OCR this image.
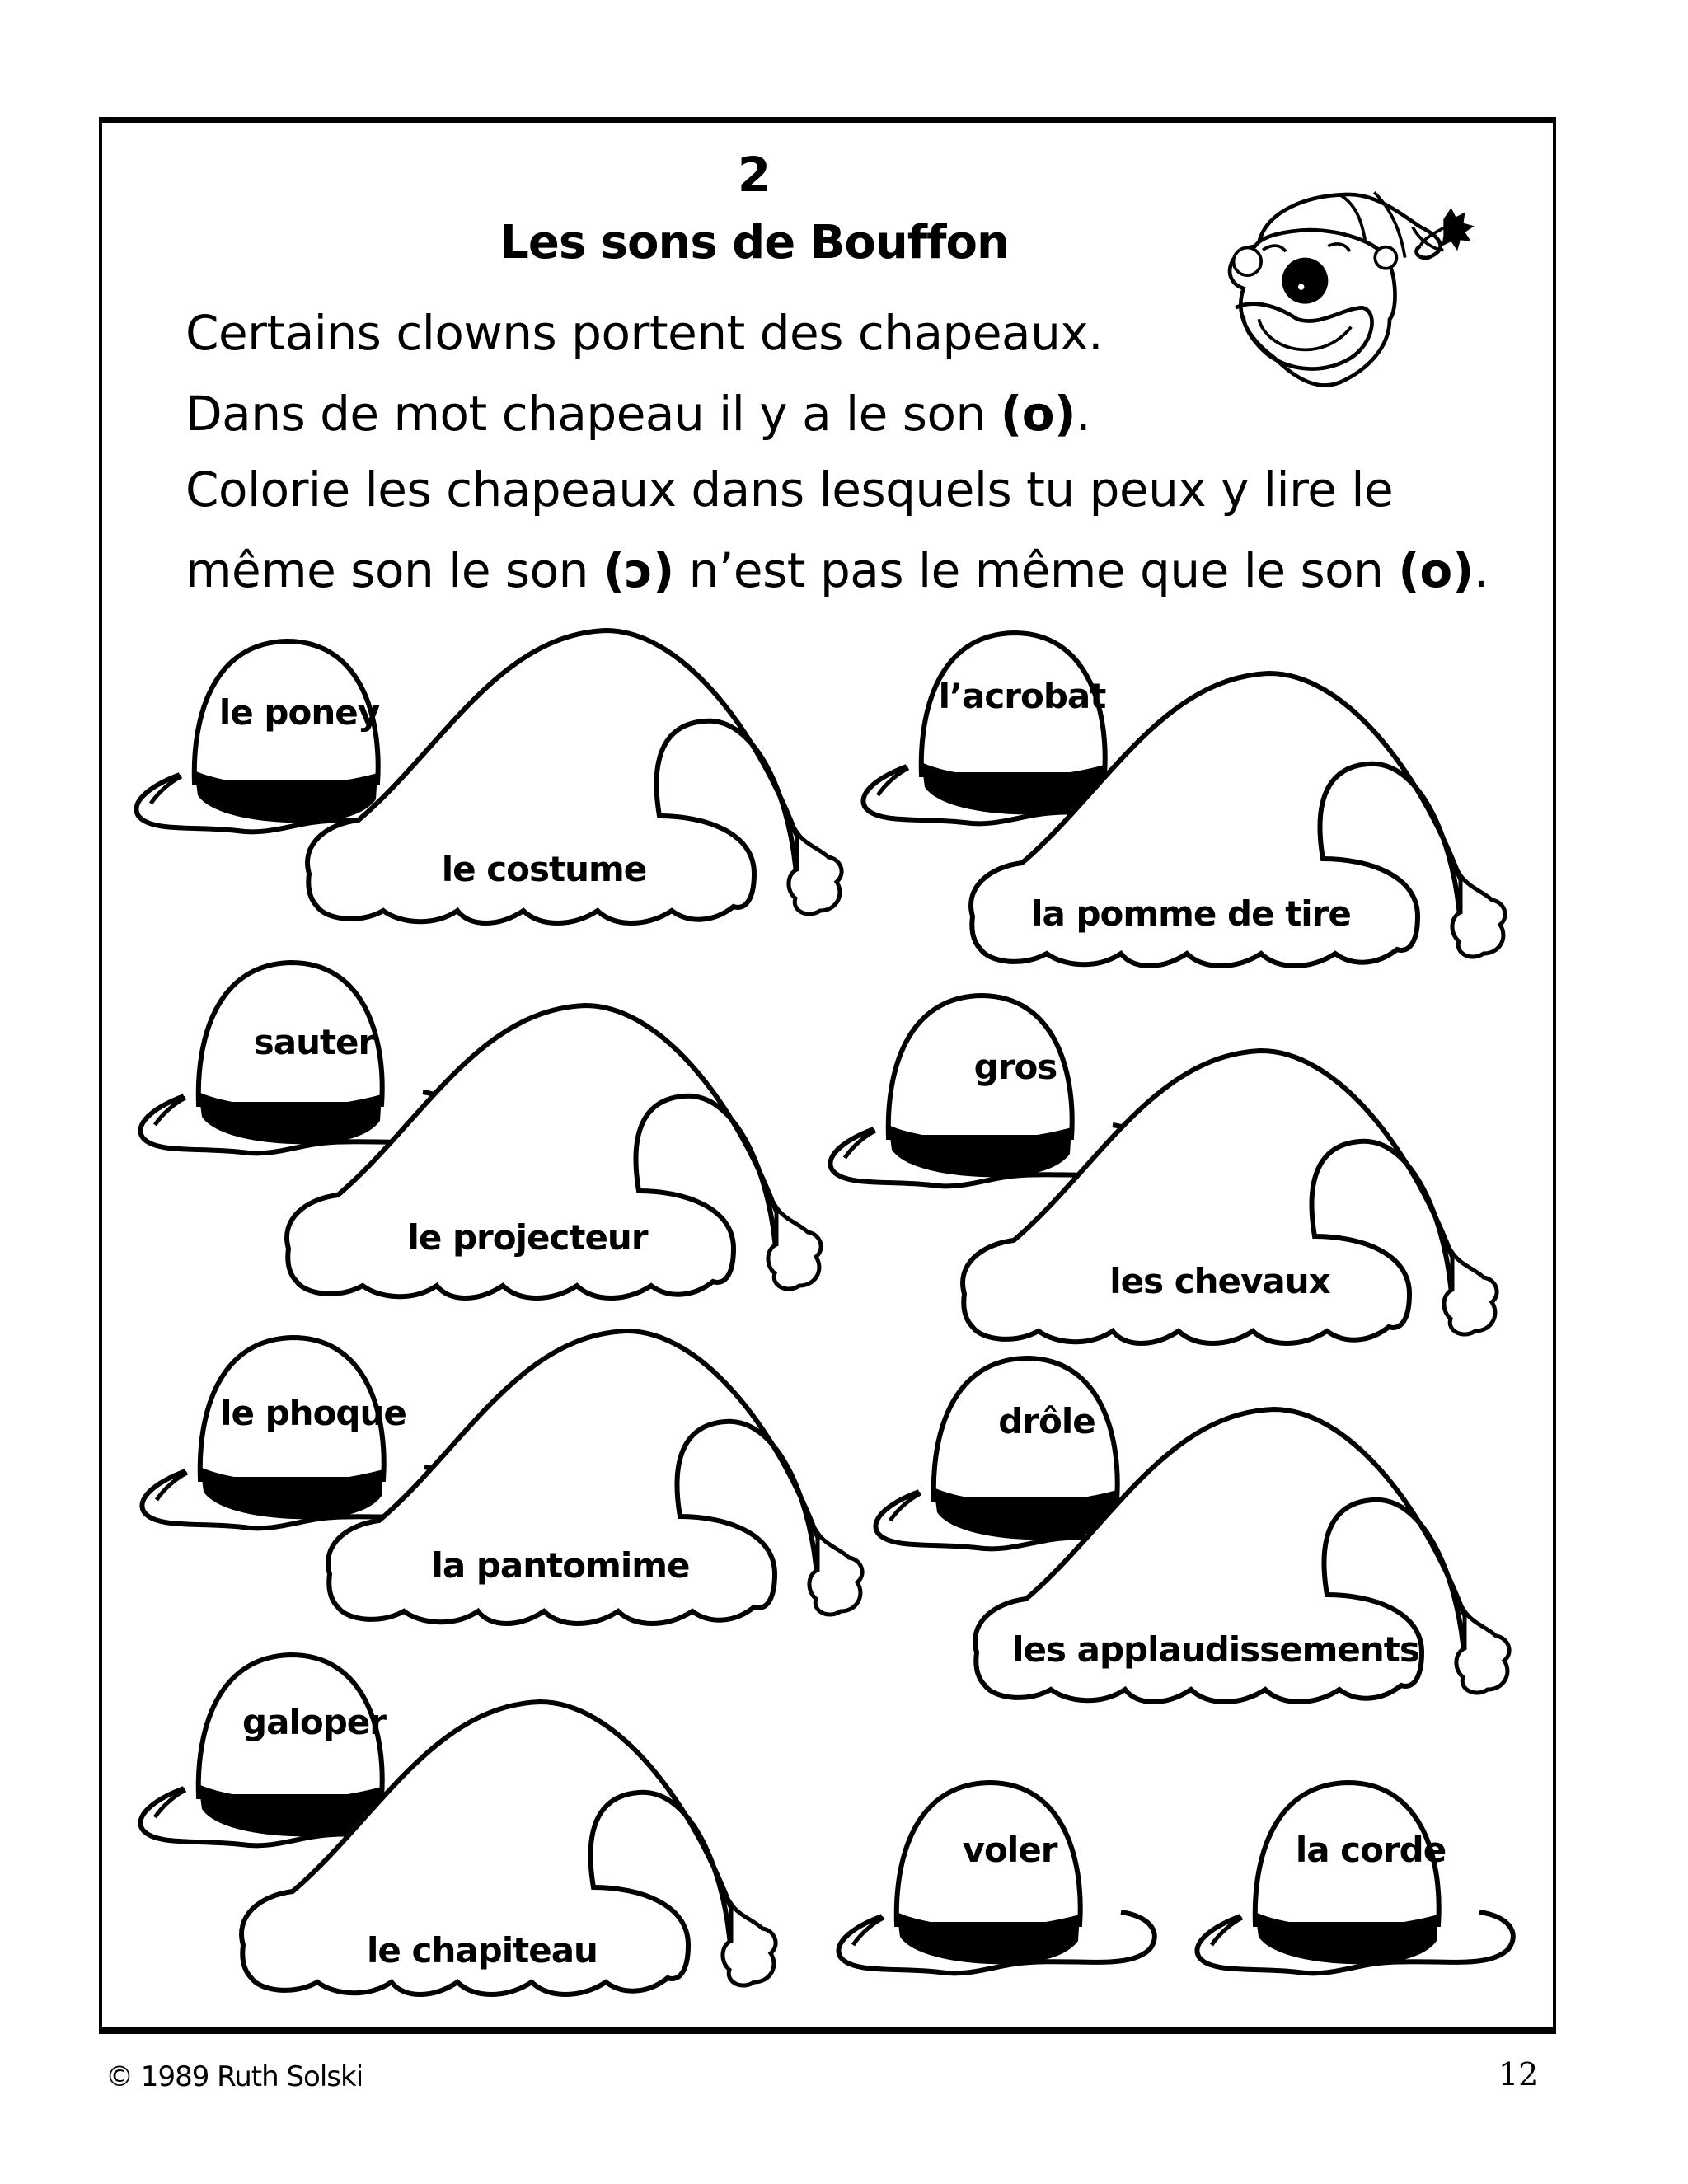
2
Les sons de Bouffon
Certains clowns portent des chapeaux.
Dans de mot chapeau il y a le son (o).
Colorie les chapeaux dans lesquels tu peux y lire le
même son le son (ɔ) n’est pas le même que le son (o).
le poney	l’acrobat
sauter
gros
le phoque	drôle
galoper
voler	la corde
le costume
la pomme de tire
le projecteur
les chevaux
la pantomime
les applaudissements
le chapiteau
© 1989 Ruth Solski	12
